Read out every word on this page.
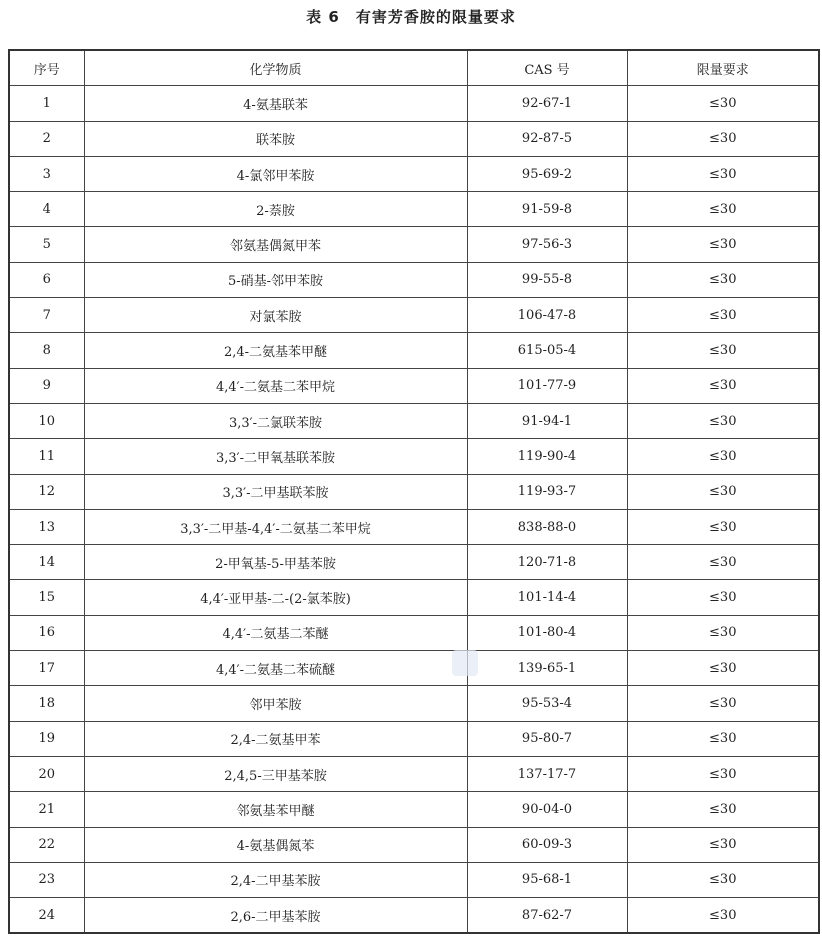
表 6　有害芳香胺的限量要求
序号	化学物质	CAS 号	限量要求
1	4-氨基联苯	92-67-1	≤30
2	联苯胺	92-87-5	≤30
3	4-氯邻甲苯胺	95-69-2	≤30
4	2-萘胺	91-59-8	≤30
5	邻氨基偶氮甲苯	97-56-3	≤30
6	5-硝基-邻甲苯胺	99-55-8	≤30
7	对氯苯胺	106-47-8	≤30
8	2,4-二氨基苯甲醚	615-05-4	≤30
9	4,4′-二氨基二苯甲烷	101-77-9	≤30
10	3,3′-二氯联苯胺	91-94-1	≤30
11	3,3′-二甲氧基联苯胺	119-90-4	≤30
12	3,3′-二甲基联苯胺	119-93-7	≤30
13	3,3′-二甲基-4,4′-二氨基二苯甲烷	838-88-0	≤30
14	2-甲氧基-5-甲基苯胺	120-71-8	≤30
15	4,4′-亚甲基-二-(2-氯苯胺)	101-14-4	≤30
16	4,4′-二氨基二苯醚	101-80-4	≤30
17	4,4′-二氨基二苯硫醚	139-65-1	≤30
18	邻甲苯胺	95-53-4	≤30
19	2,4-二氨基甲苯	95-80-7	≤30
20	2,4,5-三甲基苯胺	137-17-7	≤30
21	邻氨基苯甲醚	90-04-0	≤30
22	4-氨基偶氮苯	60-09-3	≤30
23	2,4-二甲基苯胺	95-68-1	≤30
24	2,6-二甲基苯胺	87-62-7	≤30
